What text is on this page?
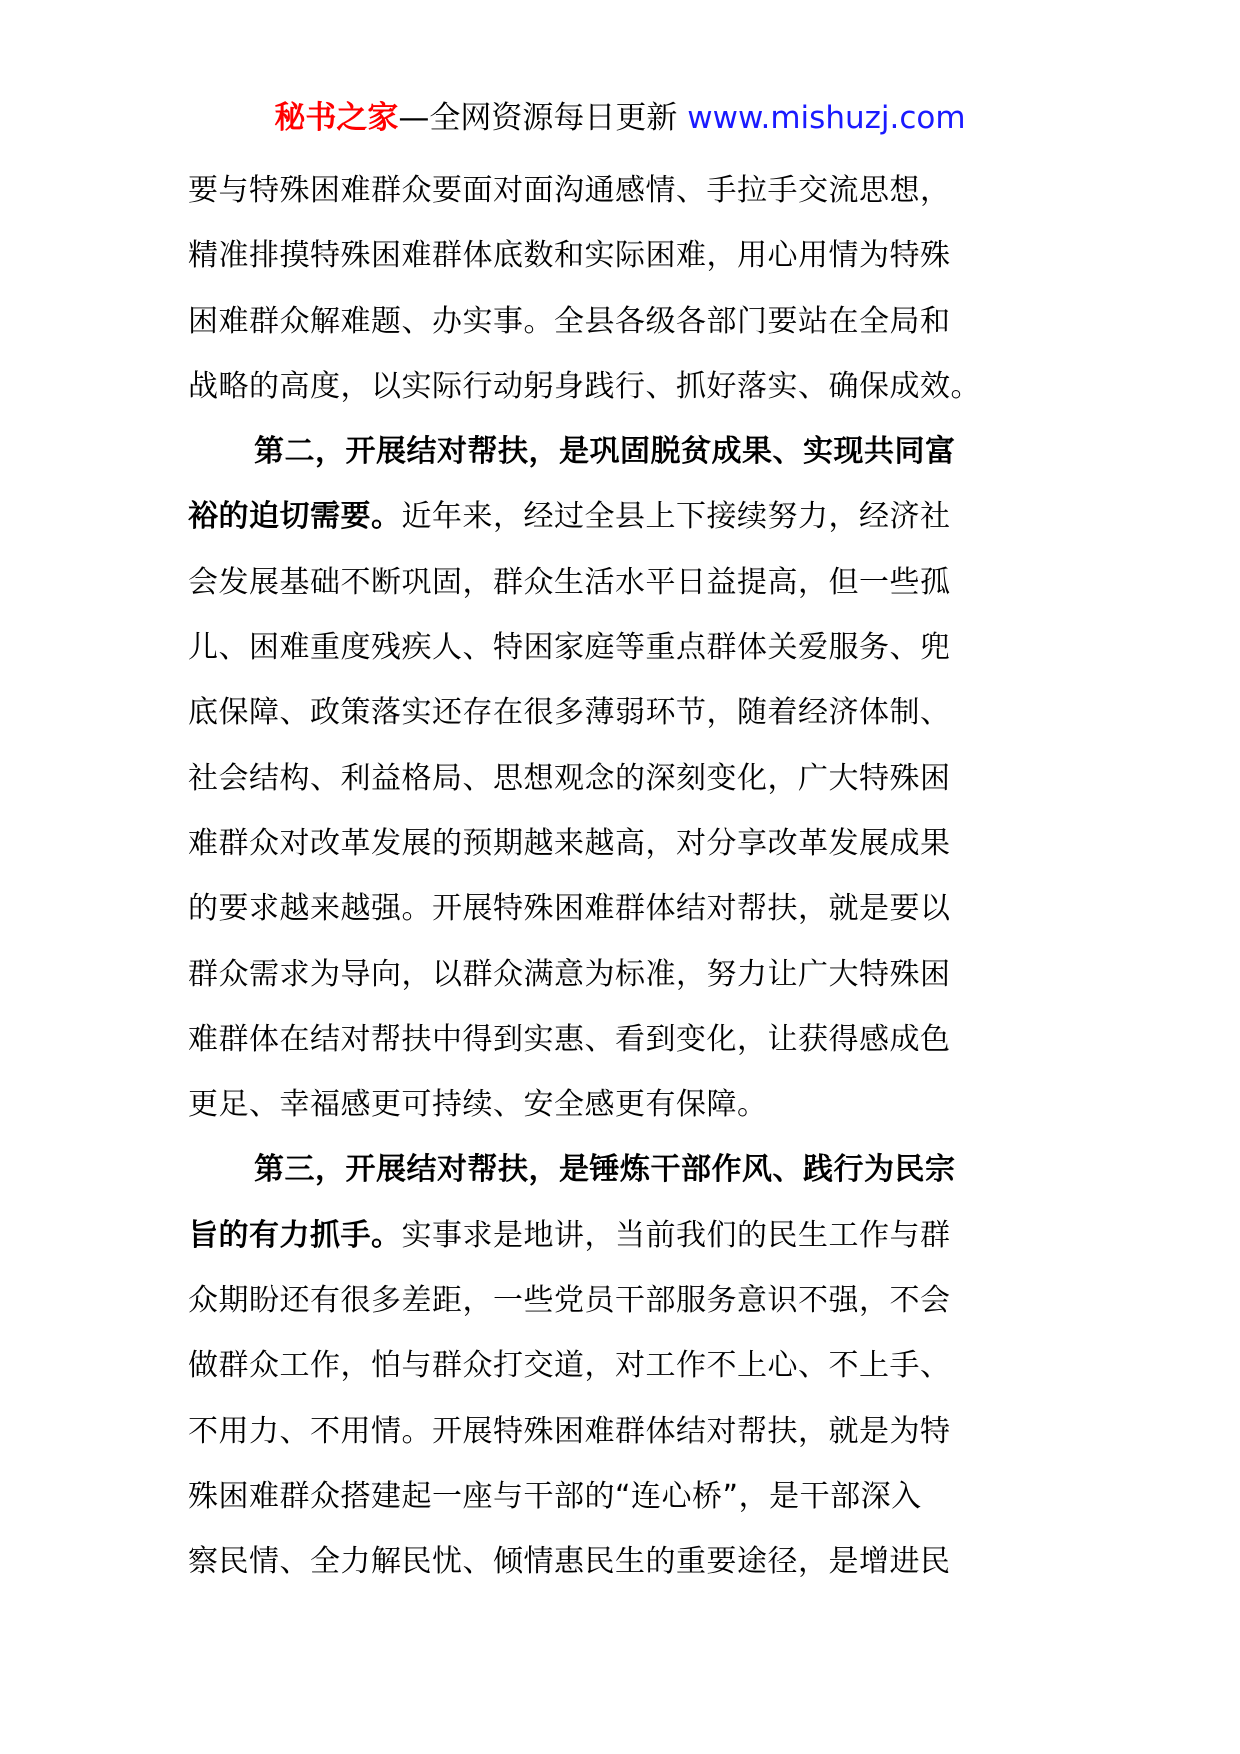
秘书之家—全网资源每日更新 www.mishuzj.com
要与特殊困难群众要面对面沟通感情、手拉手交流思想，
精准排摸特殊困难群体底数和实际困难，用心用情为特殊
困难群众解难题、办实事。全县各级各部门要站在全局和
战略的高度，以实际行动躬身践行、抓好落实、确保成效。
第二，开展结对帮扶，是巩固脱贫成果、实现共同富
裕的迫切需要。近年来，经过全县上下接续努力，经济社
会发展基础不断巩固，群众生活水平日益提高，但一些孤
儿、困难重度残疾人、特困家庭等重点群体关爱服务、兜
底保障、政策落实还存在很多薄弱环节，随着经济体制、
社会结构、利益格局、思想观念的深刻变化，广大特殊困
难群众对改革发展的预期越来越高，对分享改革发展成果
的要求越来越强。开展特殊困难群体结对帮扶，就是要以
群众需求为导向，以群众满意为标准，努力让广大特殊困
难群体在结对帮扶中得到实惠、看到变化，让获得感成色
更足、幸福感更可持续、安全感更有保障。
第三，开展结对帮扶，是锤炼干部作风、践行为民宗
旨的有力抓手。实事求是地讲，当前我们的民生工作与群
众期盼还有很多差距，一些党员干部服务意识不强，不会
做群众工作，怕与群众打交道，对工作不上心、不上手、
不用力、不用情。开展特殊困难群体结对帮扶，就是为特
殊困难群众搭建起一座与干部的“连心桥”，是干部深入
察民情、全力解民忧、倾情惠民生的重要途径，是增进民
